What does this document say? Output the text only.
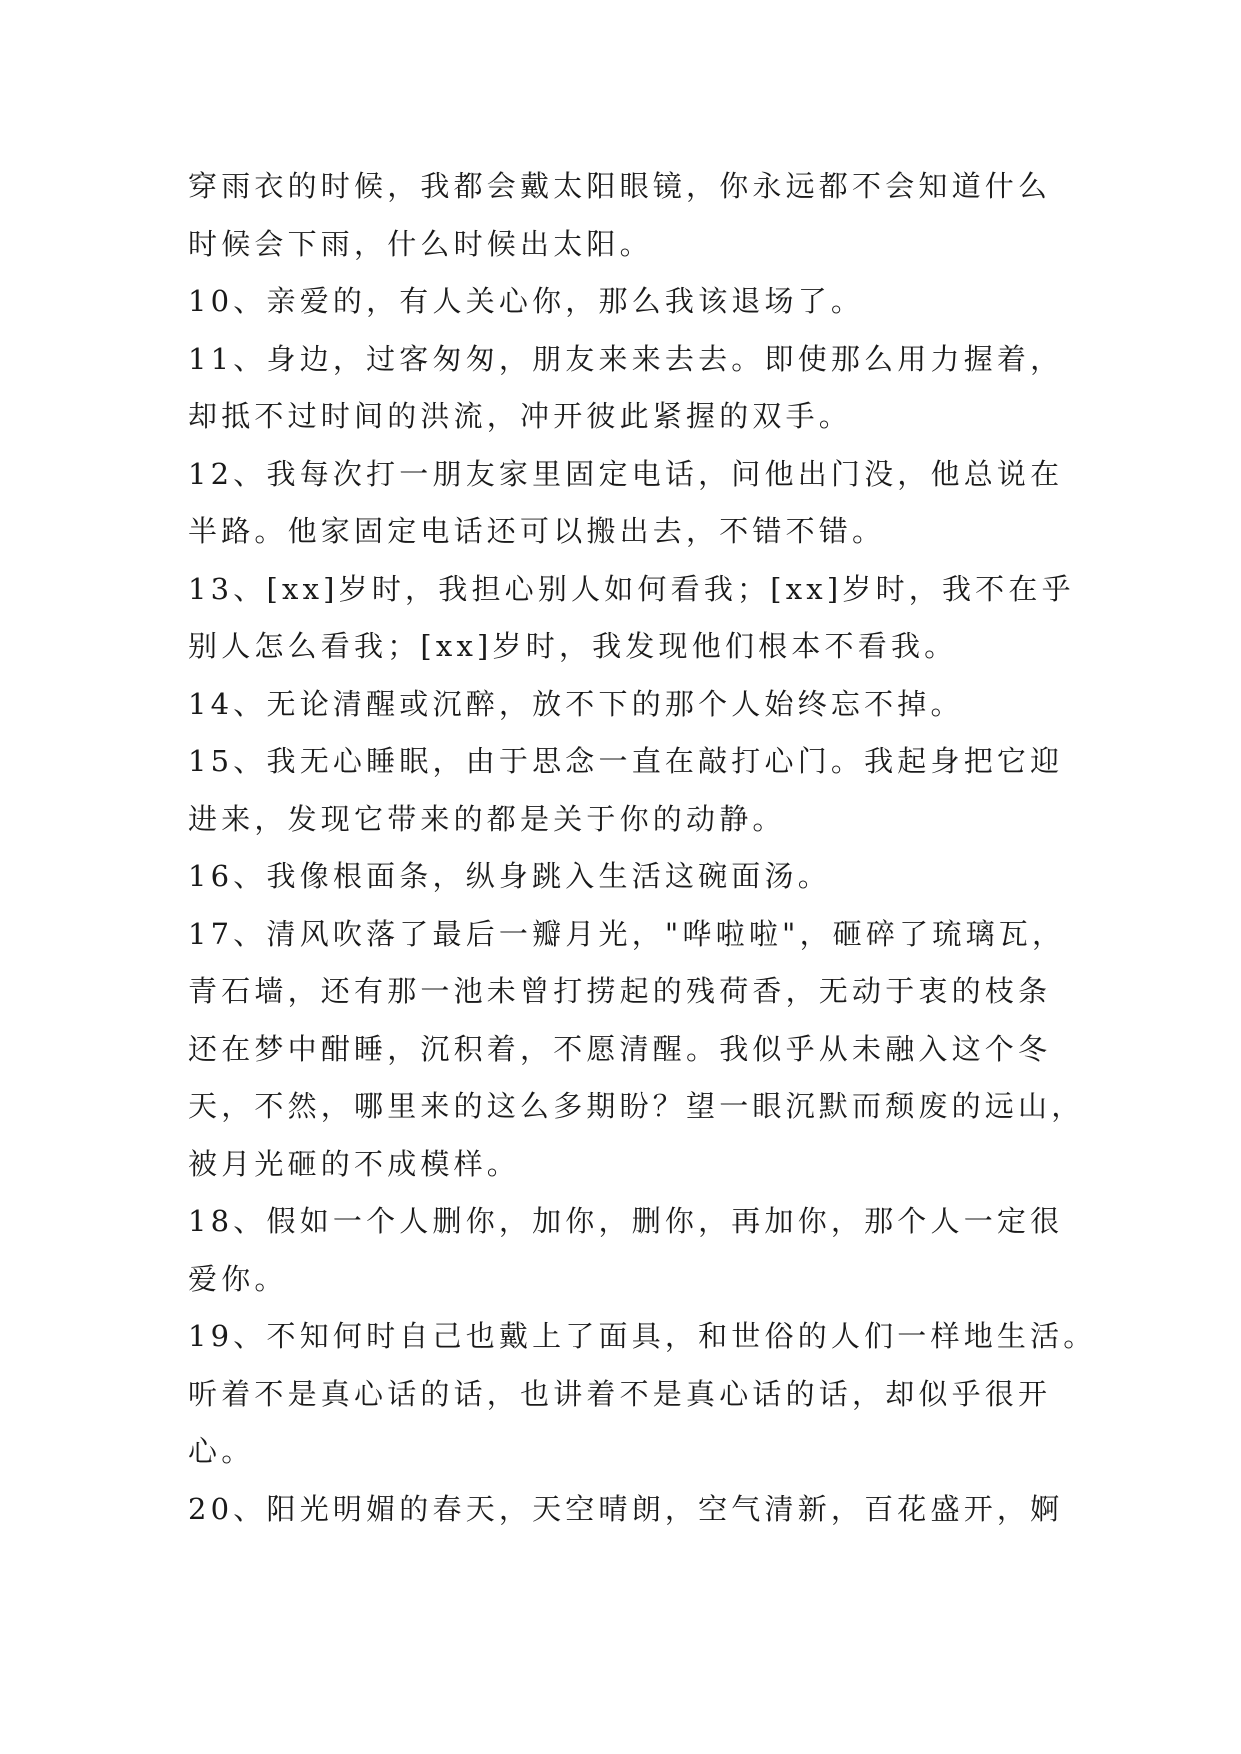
穿雨衣的时候，我都会戴太阳眼镜，你永远都不会知道什么
时候会下雨，什么时候出太阳。
10、亲爱的，有人关心你，那么我该退场了。
11、身边，过客匆匆，朋友来来去去。即使那么用力握着，
却抵不过时间的洪流，冲开彼此紧握的双手。
12、我每次打一朋友家里固定电话，问他出门没，他总说在
半路。他家固定电话还可以搬出去，不错不错。
13、[xx]岁时，我担心别人如何看我；[xx]岁时，我不在乎
别人怎么看我；[xx]岁时，我发现他们根本不看我。
14、无论清醒或沉醉，放不下的那个人始终忘不掉。
15、我无心睡眠，由于思念一直在敲打心门。我起身把它迎
进来，发现它带来的都是关于你的动静。
16、我像根面条，纵身跳入生活这碗面汤。
17、清风吹落了最后一瓣月光，"哗啦啦"，砸碎了琉璃瓦，
青石墙，还有那一池未曾打捞起的残荷香，无动于衷的枝条
还在梦中酣睡，沉积着，不愿清醒。我似乎从未融入这个冬
天，不然，哪里来的这么多期盼？望一眼沉默而颓废的远山，
被月光砸的不成模样。
18、假如一个人删你，加你，删你，再加你，那个人一定很
爱你。
19、不知何时自己也戴上了面具，和世俗的人们一样地生活。
听着不是真心话的话，也讲着不是真心话的话，却似乎很开
心。
20、阳光明媚的春天，天空晴朗，空气清新，百花盛开，婀
